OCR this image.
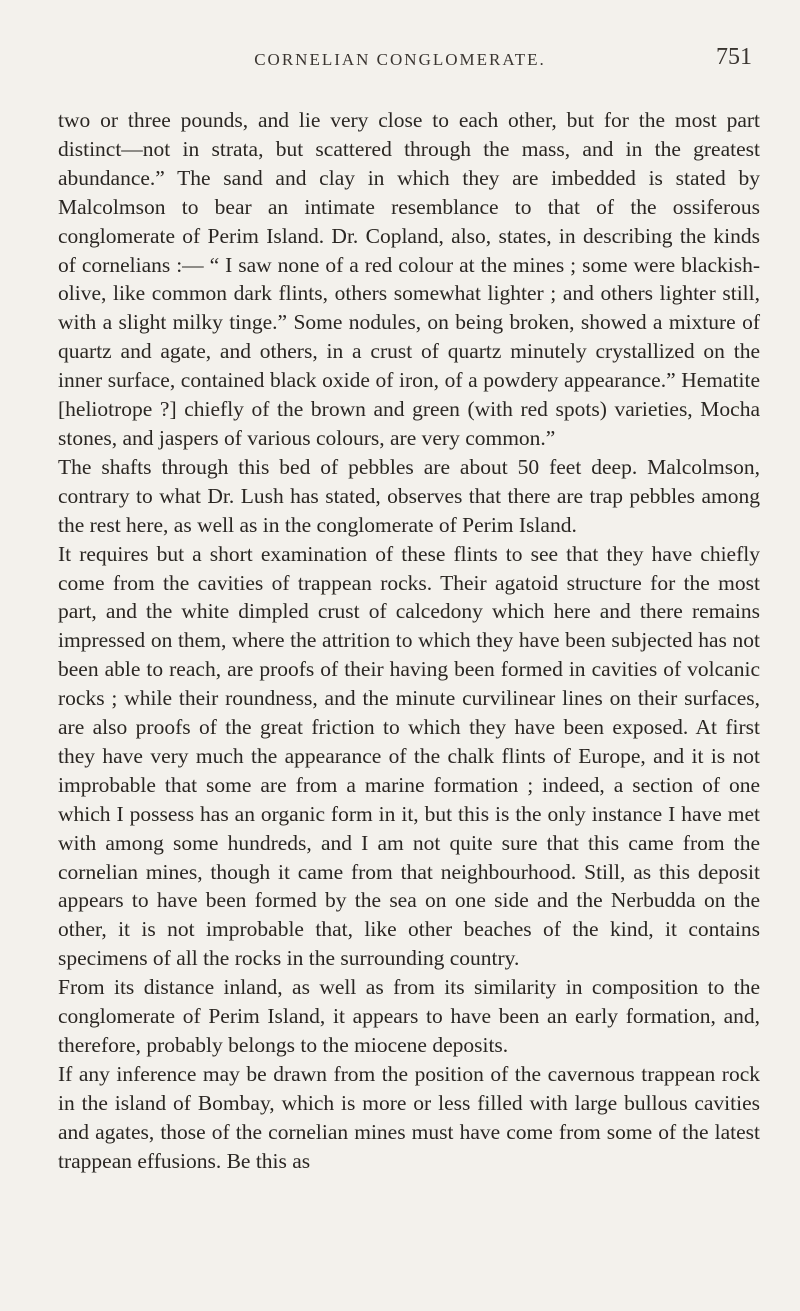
CORNELIAN CONGLOMERATE.	751

two or three pounds, and lie very close to each other, but for the most part distinct—not in strata, but scattered through the mass, and in the greatest abundance.” The sand and clay in which they are imbedded is stated by Malcolmson to bear an intimate resemblance to that of the ossiferous conglomerate of Perim Island. Dr. Copland, also, states, in describing the kinds of cornelians :— “ I saw none of a red colour at the mines ; some were blackish-olive, like common dark flints, others somewhat lighter ; and others lighter still, with a slight milky tinge.” Some nodules, on being broken, showed a mixture of quartz and agate, and others, in a crust of quartz minutely crystallized on the inner surface, contained black oxide of iron, of a powdery appearance.” Hematite [heliotrope ?] chiefly of the brown and green (with red spots) varieties, Mocha stones, and jaspers of various colours, are very common.”

The shafts through this bed of pebbles are about 50 feet deep. Malcolmson, contrary to what Dr. Lush has stated, observes that there are trap pebbles among the rest here, as well as in the conglomerate of Perim Island.

It requires but a short examination of these flints to see that they have chiefly come from the cavities of trappean rocks. Their agatoid structure for the most part, and the white dimpled crust of calcedony which here and there remains impressed on them, where the attrition to which they have been subjected has not been able to reach, are proofs of their having been formed in cavities of volcanic rocks ; while their roundness, and the minute curvilinear lines on their surfaces, are also proofs of the great friction to which they have been exposed. At first they have very much the appearance of the chalk flints of Europe, and it is not improbable that some are from a marine formation ; indeed, a section of one which I possess has an organic form in it, but this is the only instance I have met with among some hundreds, and I am not quite sure that this came from the cornelian mines, though it came from that neighbourhood. Still, as this deposit appears to have been formed by the sea on one side and the Nerbudda on the other, it is not improbable that, like other beaches of the kind, it contains specimens of all the rocks in the surrounding country.

From its distance inland, as well as from its similarity in composition to the conglomerate of Perim Island, it appears to have been an early formation, and, therefore, probably belongs to the miocene deposits.

If any inference may be drawn from the position of the cavernous trappean rock in the island of Bombay, which is more or less filled with large bullous cavities and agates, those of the cornelian mines must have come from some of the latest trappean effusions. Be this as
